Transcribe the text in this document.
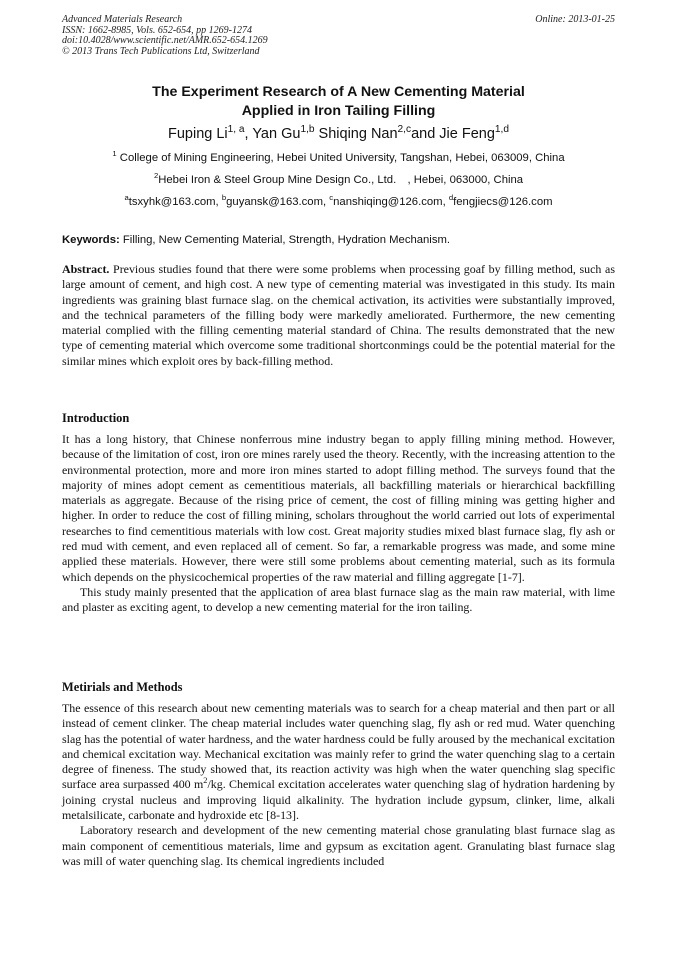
Advanced Materials Research
ISSN: 1662-8985, Vols. 652-654, pp 1269-1274
doi:10.4028/www.scientific.net/AMR.652-654.1269
© 2013 Trans Tech Publications Ltd, Switzerland
Online: 2013-01-25
The Experiment Research of A New Cementing Material
Applied in Iron Tailing Filling
Fuping Li$^{1, a}$, Yan Gu$^{1,b}$ Shiqing Nan$^{2,c}$and Jie Feng$^{1,d}$
$^1$ College of Mining Engineering, Hebei United University, Tangshan, Hebei, 063009, China
$^2$Hebei Iron & Steel Group Mine Design Co., Ltd.　, Hebei, 063000, China
$^a$tsxyhk@163.com, $^b$guyansk@163.com, $^c$nanshiqing@126.com, $^d$fengjiecs@126.com
Keywords: Filling, New Cementing Material, Strength, Hydration Mechanism.

Abstract. Previous studies found that there were some problems when processing goaf by filling method, such as large amount of cement, and high cost. A new type of cementing material was investigated in this study. Its main ingredients was graining blast furnace slag. on the chemical activation, its activities were substantially improved, and the technical parameters of the filling body were markedly ameliorated. Furthermore, the new cementing material complied with the filling cementing material standard of China. The results demonstrated that the new type of cementing material which overcome some traditional shortconmings could be the potential material for the similar mines which exploit ores by back-filling method.

Introduction

It has a long history, that Chinese nonferrous mine industry began to apply filling mining method. However, because of the limitation of cost, iron ore mines rarely used the theory. Recently, with the increasing attention to the environmental protection, more and more iron mines started to adopt filling method. The surveys found that the majority of mines adopt cement as cementitious materials, all backfilling materials or hierarchical backfilling materials as aggregate. Because of the rising price of cement, the cost of filling mining was getting higher and higher. In order to reduce the cost of filling mining, scholars throughout the world carried out lots of experimental researches to find cementitious materials with low cost. Great majority studies mixed blast furnace slag, fly ash or red mud with cement, and even replaced all of cement. So far, a remarkable progress was made, and some mine applied these materials. However, there were still some problems about cementing material, such as its formula which depends on the physicochemical properties of the raw material and filling aggregate [1-7].

This study mainly presented that the application of area blast furnace slag as the main raw material, with lime and plaster as exciting agent, to develop a new cementing material for the iron tailing.

Metirials and Methods

The essence of this research about new cementing materials was to search for a cheap material and then part or all instead of cement clinker. The cheap material includes water quenching slag, fly ash or red mud. Water quenching slag has the potential of water hardness, and the water hardness could be fully aroused by the mechanical excitation and chemical excitation way. Mechanical excitation was mainly refer to grind the water quenching slag to a certain degree of fineness. The study showed that, its reaction activity was high when the water quenching slag specific surface area surpassed 400 $m^2/kg$. Chemical excitation accelerates water quenching slag of hydration hardening by joining crystal nucleus and improving liquid alkalinity. The hydration include gypsum, clinker, lime, alkali metalsilicate, carbonate and hydroxide etc [8-13].

Laboratory research and development of the new cementing material chose granulating blast furnace slag as main component of cementitious materials, lime and gypsum as excitation agent. Granulating blast furnace slag was mill of water quenching slag. Its chemical ingredients included
